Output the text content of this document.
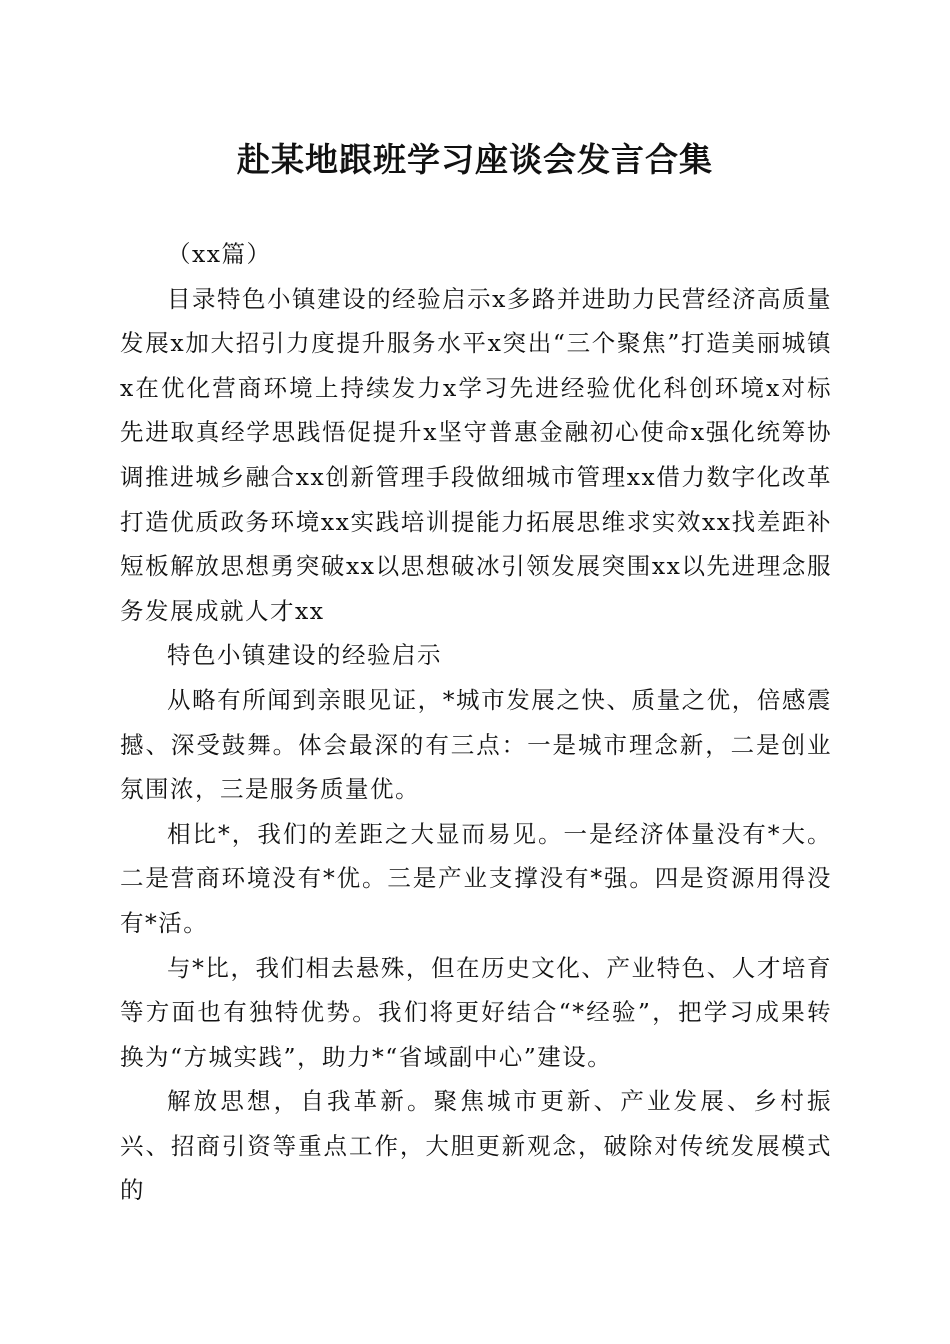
赴某地跟班学习座谈会发言合集

（xx篇）

目录特色小镇建设的经验启示x多路并进助力民营经济高质量发展x加大招引力度提升服务水平x突出“三个聚焦”打造美丽城镇x在优化营商环境上持续发力x学习先进经验优化科创环境x对标先进取真经学思践悟促提升x坚守普惠金融初心使命x强化统筹协调推进城乡融合xx创新管理手段做细城市管理xx借力数字化改革打造优质政务环境xx实践培训提能力拓展思维求实效xx找差距补短板解放思想勇突破xx以思想破冰引领发展突围xx以先进理念服务发展成就人才xx

特色小镇建设的经验启示

从略有所闻到亲眼见证，*城市发展之快、质量之优，倍感震撼、深受鼓舞。体会最深的有三点：一是城市理念新，二是创业氛围浓，三是服务质量优。

相比*，我们的差距之大显而易见。一是经济体量没有*大。二是营商环境没有*优。三是产业支撑没有*强。四是资源用得没有*活。

与*比，我们相去悬殊，但在历史文化、产业特色、人才培育等方面也有独特优势。我们将更好结合“*经验”，把学习成果转换为“方城实践”，助力*“省域副中心”建设。

解放思想，自我革新。聚焦城市更新、产业发展、乡村振兴、招商引资等重点工作，大胆更新观念，破除对传统发展模式的
